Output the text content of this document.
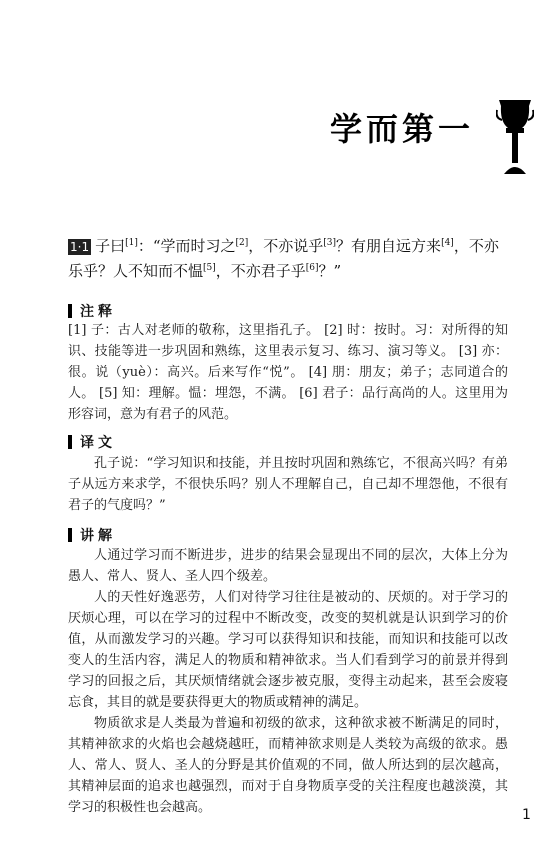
学而第一
1·1 子曰[1]：“学而时习之[2]，不亦说乎[3]？有朋自远方来[4]，不亦乐乎？人不知而不愠[5]，不亦君子乎[6]？”
注释

[1] 子：古人对老师的敬称，这里指孔子。 [2] 时：按时。习：对所得的知识、技能等进一步巩固和熟练，这里表示复习、练习、演习等义。 [3] 亦：很。说（yuè）：高兴。后来写作“悦”。 [4] 朋：朋友；弟子；志同道合的人。 [5] 知：理解。愠：埋怨，不满。 [6] 君子：品行高尚的人。这里用为形容词，意为有君子的风范。

译文

孔子说：“学习知识和技能，并且按时巩固和熟练它，不很高兴吗？有弟子从远方来求学，不很快乐吗？别人不理解自己，自己却不埋怨他，不很有君子的气度吗？”

讲解

人通过学习而不断进步，进步的结果会显现出不同的层次，大体上分为愚人、常人、贤人、圣人四个级差。

人的天性好逸恶劳，人们对待学习往往是被动的、厌烦的。对于学习的厌烦心理，可以在学习的过程中不断改变，改变的契机就是认识到学习的价值，从而激发学习的兴趣。学习可以获得知识和技能，而知识和技能可以改变人的生活内容，满足人的物质和精神欲求。当人们看到学习的前景并得到学习的回报之后，其厌烦情绪就会逐步被克服，变得主动起来，甚至会废寝忘食，其目的就是要获得更大的物质或精神的满足。

物质欲求是人类最为普遍和初级的欲求，这种欲求被不断满足的同时，其精神欲求的火焰也会越烧越旺，而精神欲求则是人类较为高级的欲求。愚人、常人、贤人、圣人的分野是其价值观的不同，做人所达到的层次越高，其精神层面的追求也越强烈，而对于自身物质享受的关注程度也越淡漠，其学习的积极性也会越高。	1
